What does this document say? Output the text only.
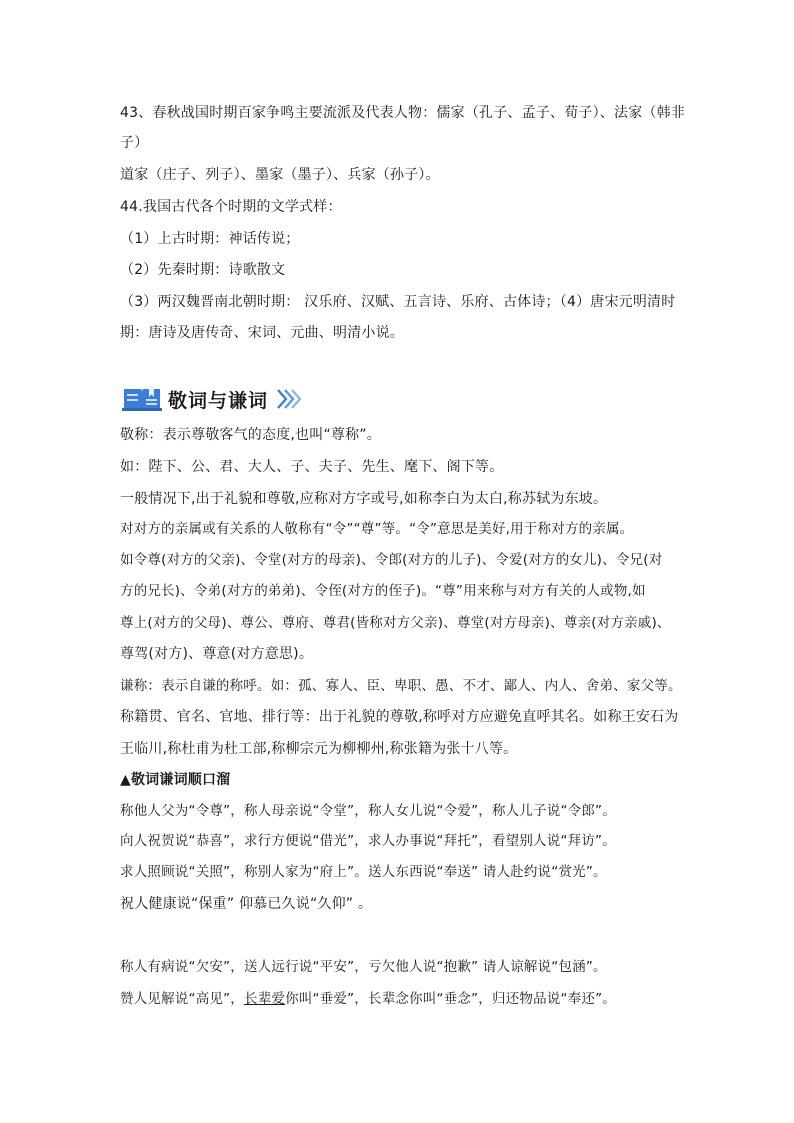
43、春秋战国时期百家争鸣主要流派及代表人物：儒家（孔子、孟子、荀子）、法家（韩非
子）
道家（庄子、列子）、墨家（墨子）、兵家（孙子）。
44.我国古代各个时期的文学式样：
（1）上古时期：神话传说；
（2）先秦时期：诗歌散文
（3）两汉魏晋南北朝时期： 汉乐府、汉赋、五言诗、乐府、古体诗；（4）唐宋元明清时
期：唐诗及唐传奇、宋词、元曲、明清小说。
敬词与谦词
敬称：表示尊敬客气的态度,也叫“尊称”。
如：陛下、公、君、大人、子、夫子、先生、麾下、阁下等。
一般情况下,出于礼貌和尊敬,应称对方字或号,如称李白为太白,称苏轼为东坡。
对对方的亲属或有关系的人敬称有“令”“尊”等。“令”意思是美好,用于称对方的亲属。
如令尊(对方的父亲)、令堂(对方的母亲)、令郎(对方的儿子)、令爱(对方的女儿)、令兄(对
方的兄长)、令弟(对方的弟弟)、令侄(对方的侄子)。“尊”用来称与对方有关的人或物,如
尊上(对方的父母)、尊公、尊府、尊君(皆称对方父亲)、尊堂(对方母亲)、尊亲(对方亲戚)、
尊驾(对方)、尊意(对方意思)。
谦称：表示自谦的称呼。如：孤、寡人、臣、卑职、愚、不才、鄙人、内人、舍弟、家父等。
称籍贯、官名、官地、排行等：出于礼貌的尊敬,称呼对方应避免直呼其名。如称王安石为
王临川,称杜甫为杜工部,称柳宗元为柳柳州,称张籍为张十八等。
▲敬词谦词顺口溜
称他人父为“令尊”，称人母亲说“令堂”，称人女儿说“令爱”，称人儿子说“令郎”。
向人祝贺说“恭喜”，求行方便说“借光”，求人办事说“拜托”，看望别人说“拜访”。
求人照顾说“关照”，称别人家为“府上”。送人东西说“奉送” 请人赴约说“赏光”。
祝人健康说“保重” 仰慕已久说“久仰” 。
称人有病说“欠安”，送人远行说“平安”，亏欠他人说“抱歉” 请人谅解说“包涵”。
赞人见解说“高见”，长辈爱你叫“垂爱”，长辈念你叫“垂念”，归还物品说“奉还”。
